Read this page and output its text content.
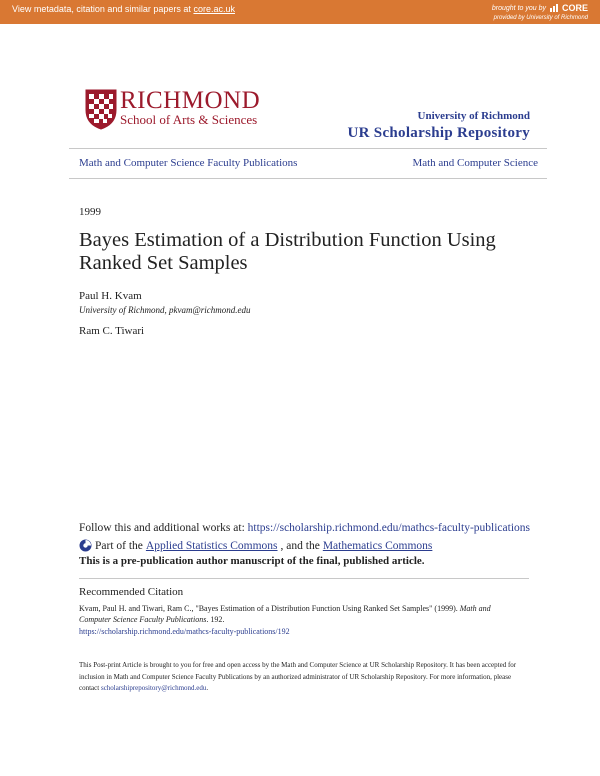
View metadata, citation and similar papers at core.ac.uk	brought to you by CORE
provided by University of Richmond
RICHMOND
School of Arts & Sciences	University of Richmond
UR Scholarship Repository
Math and Computer Science Faculty Publications	Math and Computer Science
1999
Bayes Estimation of a Distribution Function Using Ranked Set Samples
Paul H. Kvam
University of Richmond, pkvam@richmond.edu
Ram C. Tiwari
Follow this and additional works at: https://scholarship.richmond.edu/mathcs-faculty-publications
Part of the Applied Statistics Commons , and the Mathematics Commons
This is a pre-publication author manuscript of the final, published article.
Recommended Citation
Kvam, Paul H. and Tiwari, Ram C., "Bayes Estimation of a Distribution Function Using Ranked Set Samples" (1999). Math and Computer Science Faculty Publications. 192.
https://scholarship.richmond.edu/mathcs-faculty-publications/192
This Post-print Article is brought to you for free and open access by the Math and Computer Science at UR Scholarship Repository. It has been accepted for inclusion in Math and Computer Science Faculty Publications by an authorized administrator of UR Scholarship Repository. For more information, please contact scholarshiprepository@richmond.edu.
